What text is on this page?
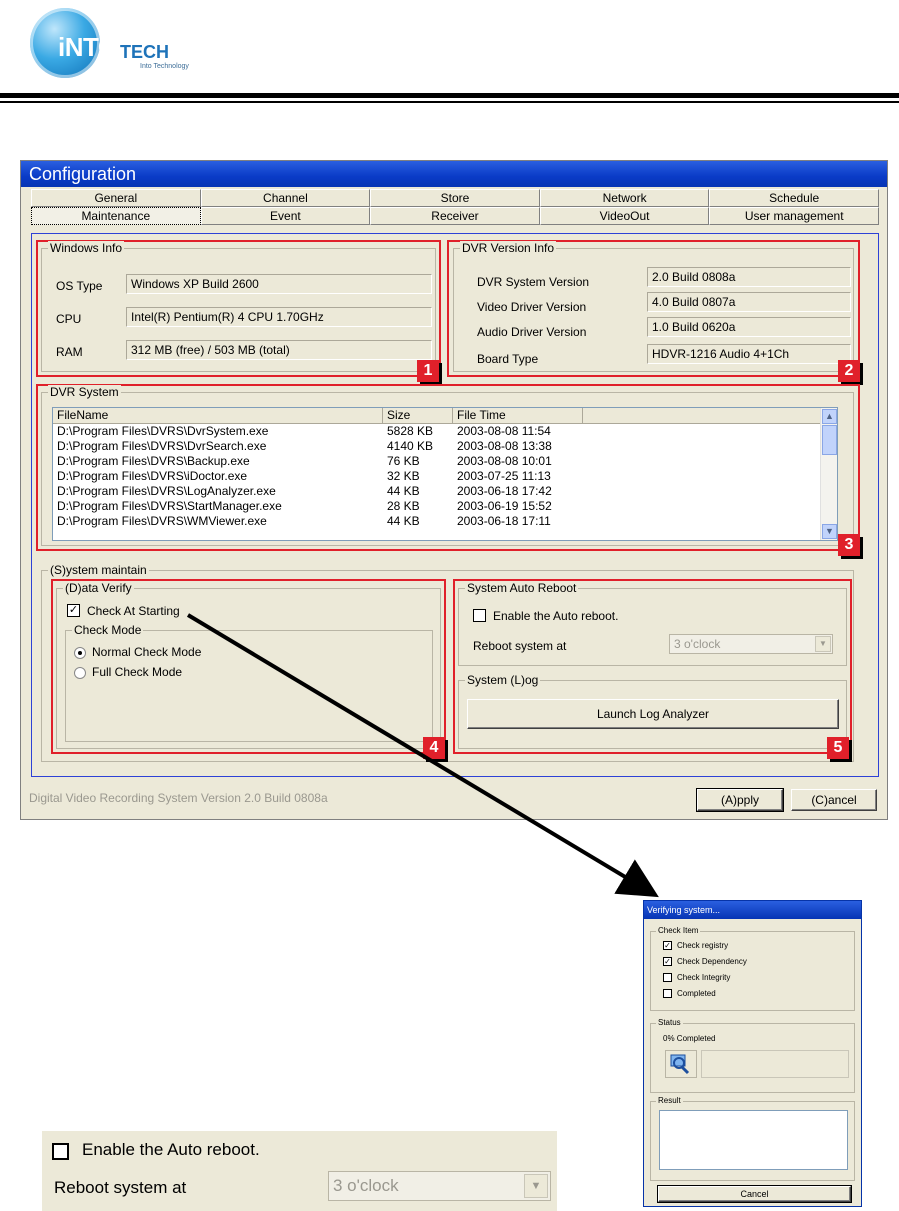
iNTO TECH
Into Technology
Configuration
General	Channel	Store	Network	Schedule
Maintenance	Event	Receiver	VideoOut	User management
Windows Info
OS Type	Windows XP Build 2600
CPU	Intel(R) Pentium(R) 4 CPU 1.70GHz
RAM	312 MB (free) / 503 MB (total)
1
DVR Version Info
DVR System Version	2.0 Build 0808a
Video Driver Version	4.0 Build 0807a
Audio Driver Version	1.0 Build 0620a
Board Type	HDVR-1216 Audio 4+1Ch
2
DVR System
FileName	Size	File Time
D:\Program Files\DVRS\DvrSystem.exe	5828 KB	2003-08-08 11:54
D:\Program Files\DVRS\DvrSearch.exe	4140 KB	2003-08-08 13:38
D:\Program Files\DVRS\Backup.exe	76 KB	2003-08-08 10:01
D:\Program Files\DVRS\iDoctor.exe	32 KB	2003-07-25 11:13
D:\Program Files\DVRS\LogAnalyzer.exe	44 KB	2003-06-18 17:42
D:\Program Files\DVRS\StartManager.exe	28 KB	2003-06-19 15:52
D:\Program Files\DVRS\WMViewer.exe	44 KB	2003-06-18 17:11
▲
▼
3
(S)ystem maintain
(D)ata Verify
✓ Check At Starting
Check Mode
Normal Check Mode
Full Check Mode
4
System Auto Reboot
Enable the Auto reboot.
Reboot system at	3 o'clock	▼
System (L)og
Launch Log Analyzer
5
Digital Video Recording System Version 2.0 Build 0808a	(A)pply	(C)ancel
Verifying system...
Check Item
✓ Check registry
✓ Check Dependency
Check Integrity
Completed
Status
0% Completed
Result
Cancel
Enable the Auto reboot.
Reboot system at	3 o'clock	▼
